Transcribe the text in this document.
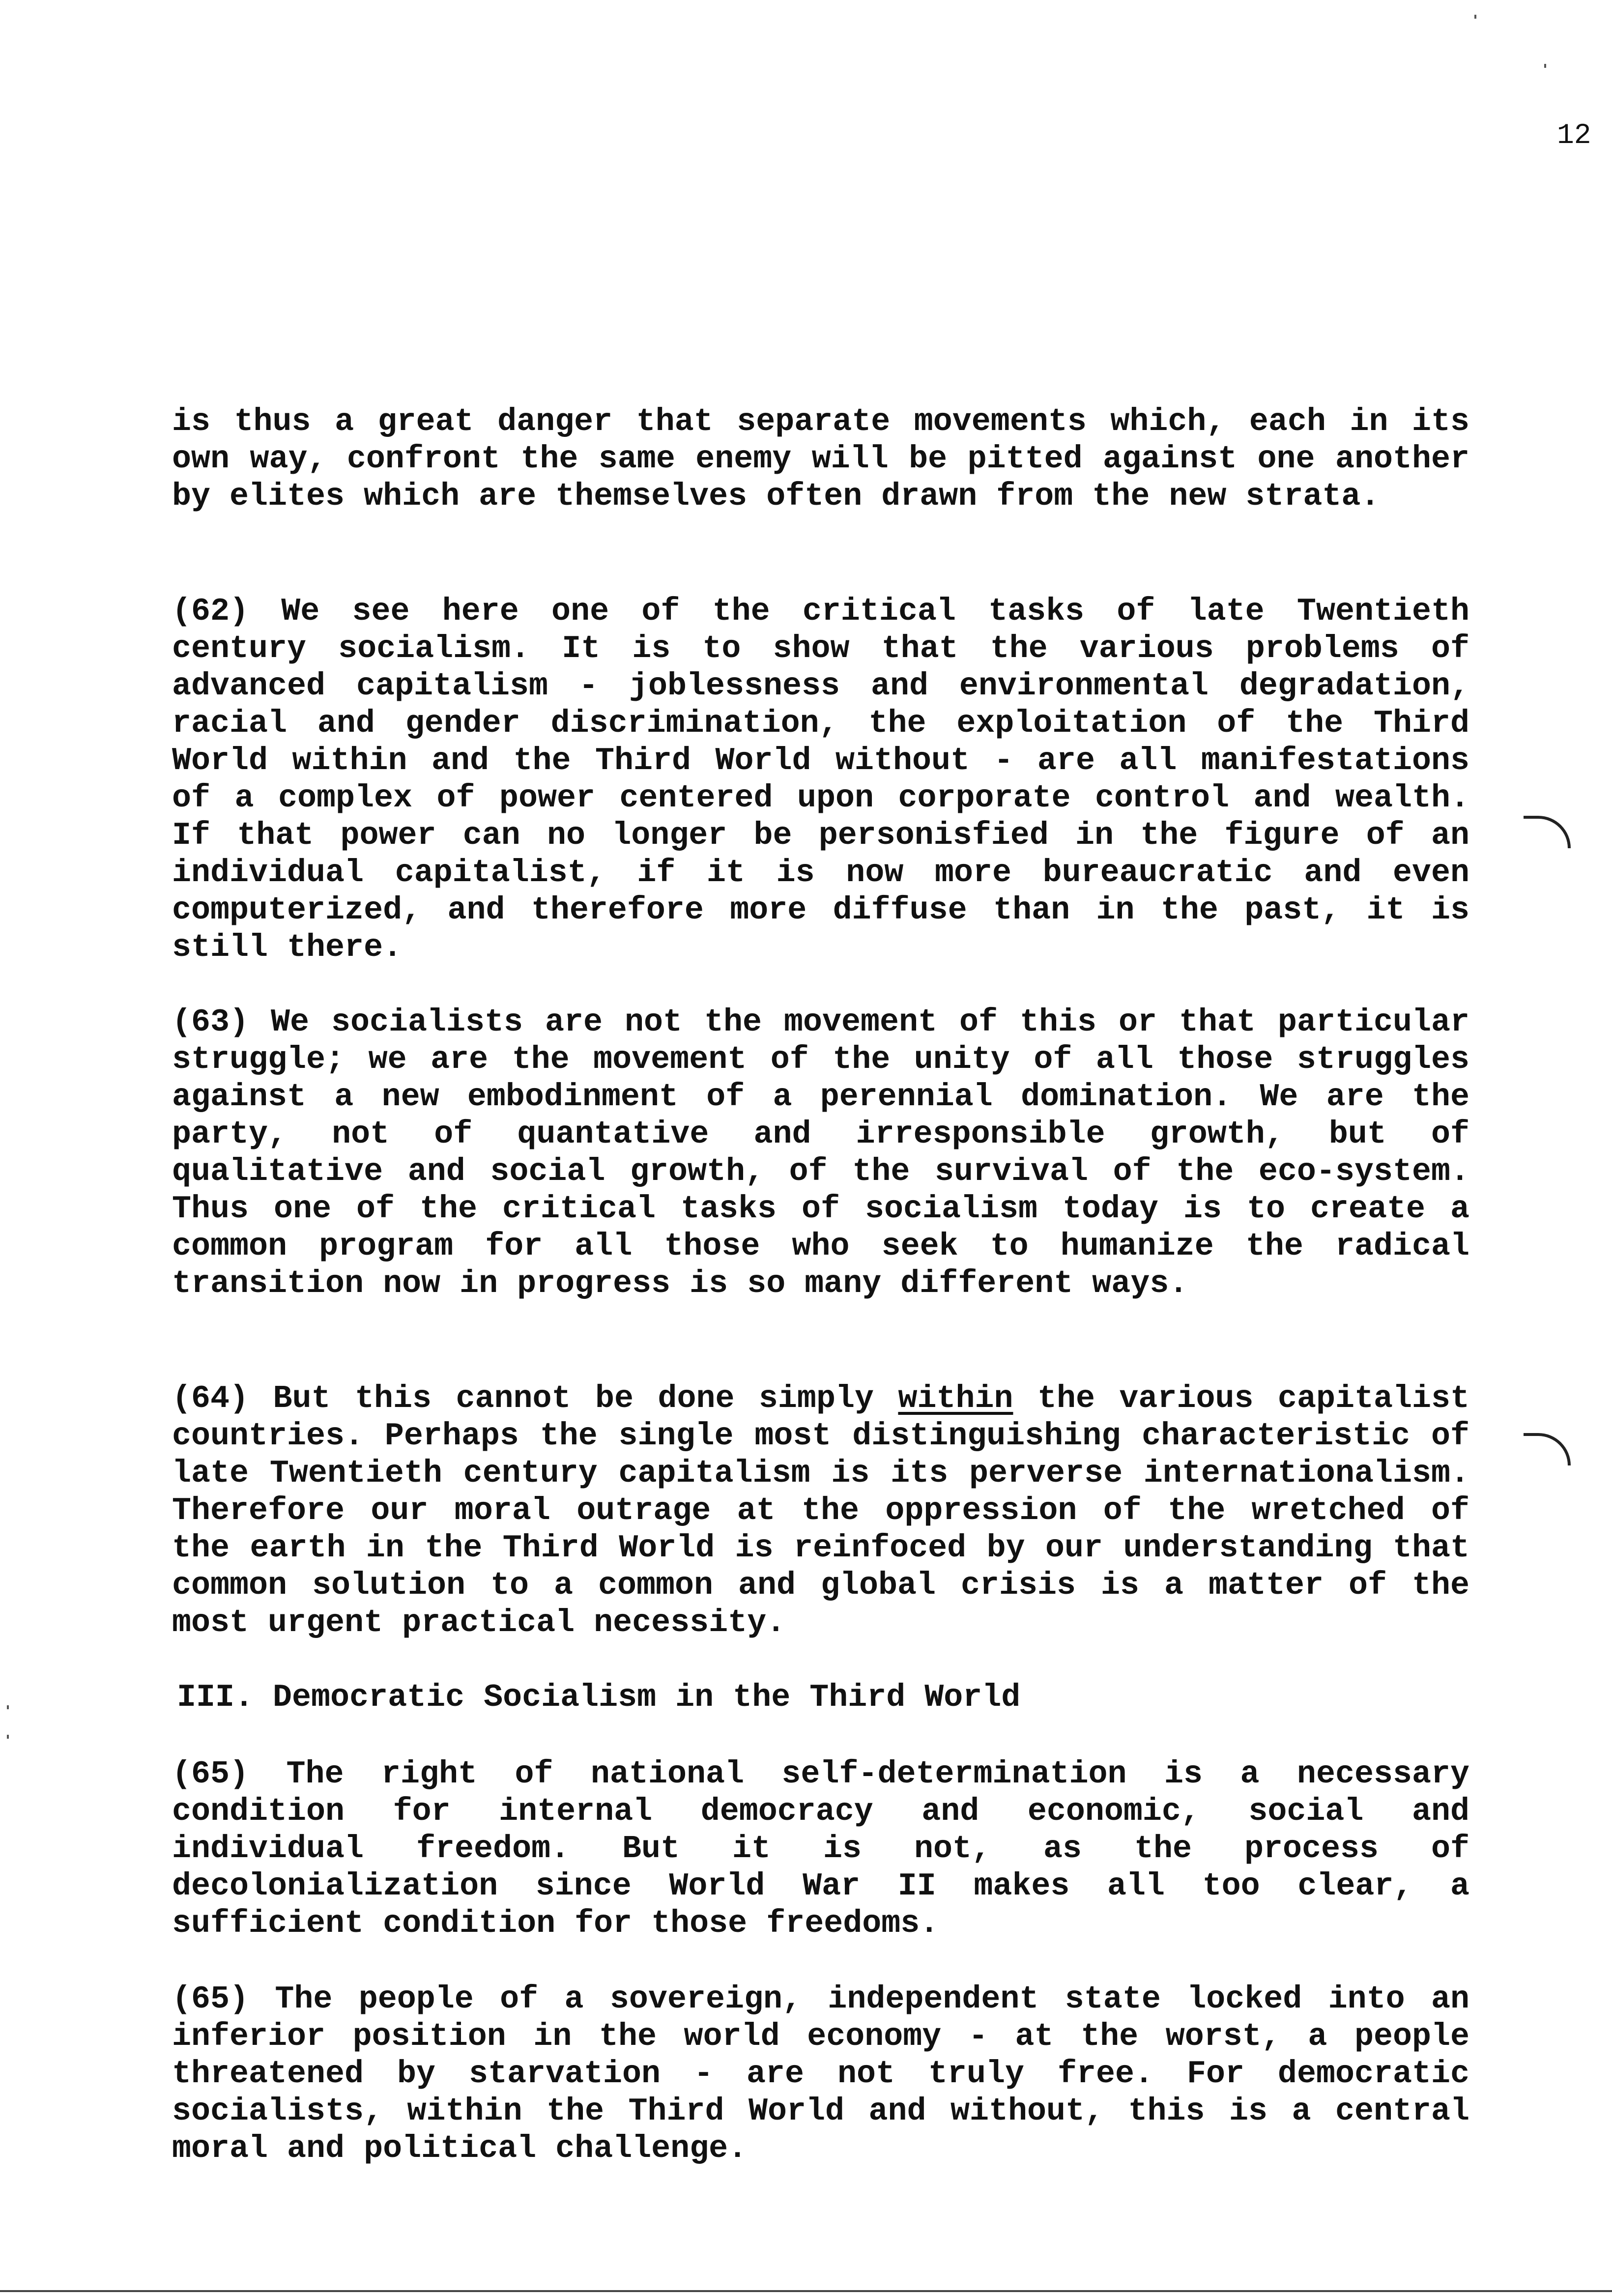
12

is thus a great danger that separate movements which, each in its own way, confront the same enemy will be pitted against one another by elites which are themselves often drawn from the new strata.

(62) We see here one of the critical tasks of late Twentieth century socialism. It is to show that the various problems of advanced capitalism - joblessness and environmental degradation, racial and gender discrimination, the exploitation of the Third World within and the Third World without - are all manifestations of a complex of power centered upon corporate control and wealth. If that power can no longer be personisfied in the figure of an individual capitalist, if it is now more bureaucratic and even computerized, and therefore more diffuse than in the past, it is still there.

(63) We socialists are not the movement of this or that particular struggle; we are the movement of the unity of all those struggles against a new embodinment of a perennial domination. We are the party, not of quantative and irresponsible growth, but of qualitative and social growth, of the survival of the eco-system. Thus one of the critical tasks of socialism today is to create a common program for all those who seek to humanize the radical transition now in progress is so many different ways.

(64) But this cannot be done simply within the various capitalist countries. Perhaps the single most distinguishing characteristic of late Twentieth century capitalism is its perverse internationalism. Therefore our moral outrage at the oppression of the wretched of the earth in the Third World is reinfoced by our understanding that common solution to a common and global crisis is a matter of the most urgent practical necessity.

III. Democratic Socialism in the Third World

(65) The right of national self-determination is a necessary condition for internal democracy and economic, social and individual freedom. But it is not, as the process of decolonialization since World War II makes all too clear, a sufficient condition for those freedoms.

(65) The people of a sovereign, independent state locked into an inferior position in the world economy - at the worst, a people threatened by starvation - are not truly free. For democratic socialists, within the Third World and without, this is a central moral and political challenge.
